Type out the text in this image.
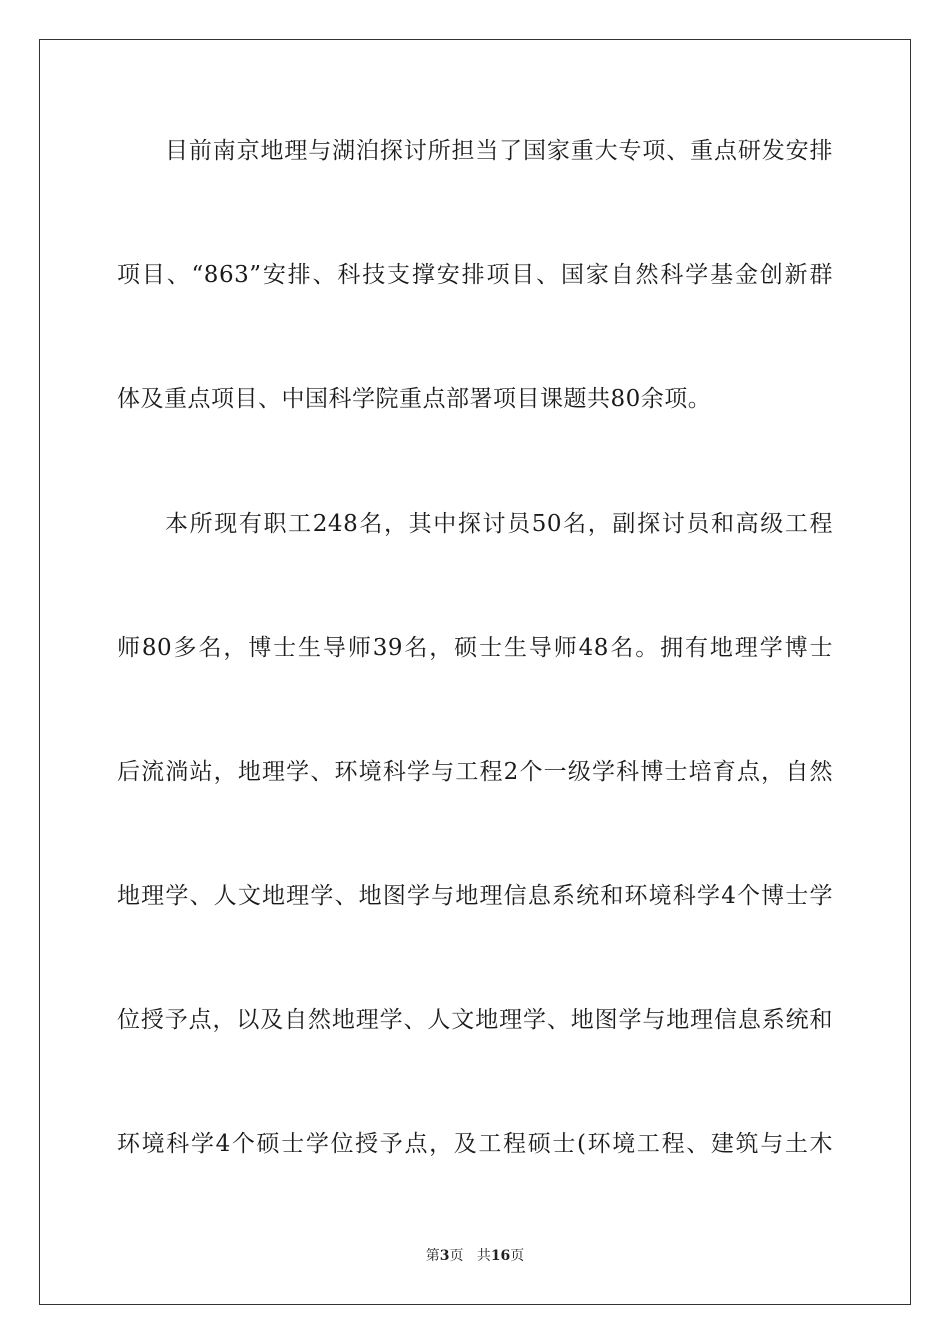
目前南京地理与湖泊探讨所担当了国家重大专项、重点研发安排
项目、“863”安排、科技支撑安排项目、国家自然科学基金创新群
体及重点项目、中国科学院重点部署项目课题共80余项。
本所现有职工248名，其中探讨员50名，副探讨员和高级工程
师80多名，博士生导师39名，硕士生导师48名。拥有地理学博士
后流淌站，地理学、环境科学与工程2个一级学科博士培育点，自然
地理学、人文地理学、地图学与地理信息系统和环境科学4个博士学
位授予点，以及自然地理学、人文地理学、地图学与地理信息系统和
环境科学4个硕士学位授予点，及工程硕士(环境工程、建筑与土木
第3页 共16页
